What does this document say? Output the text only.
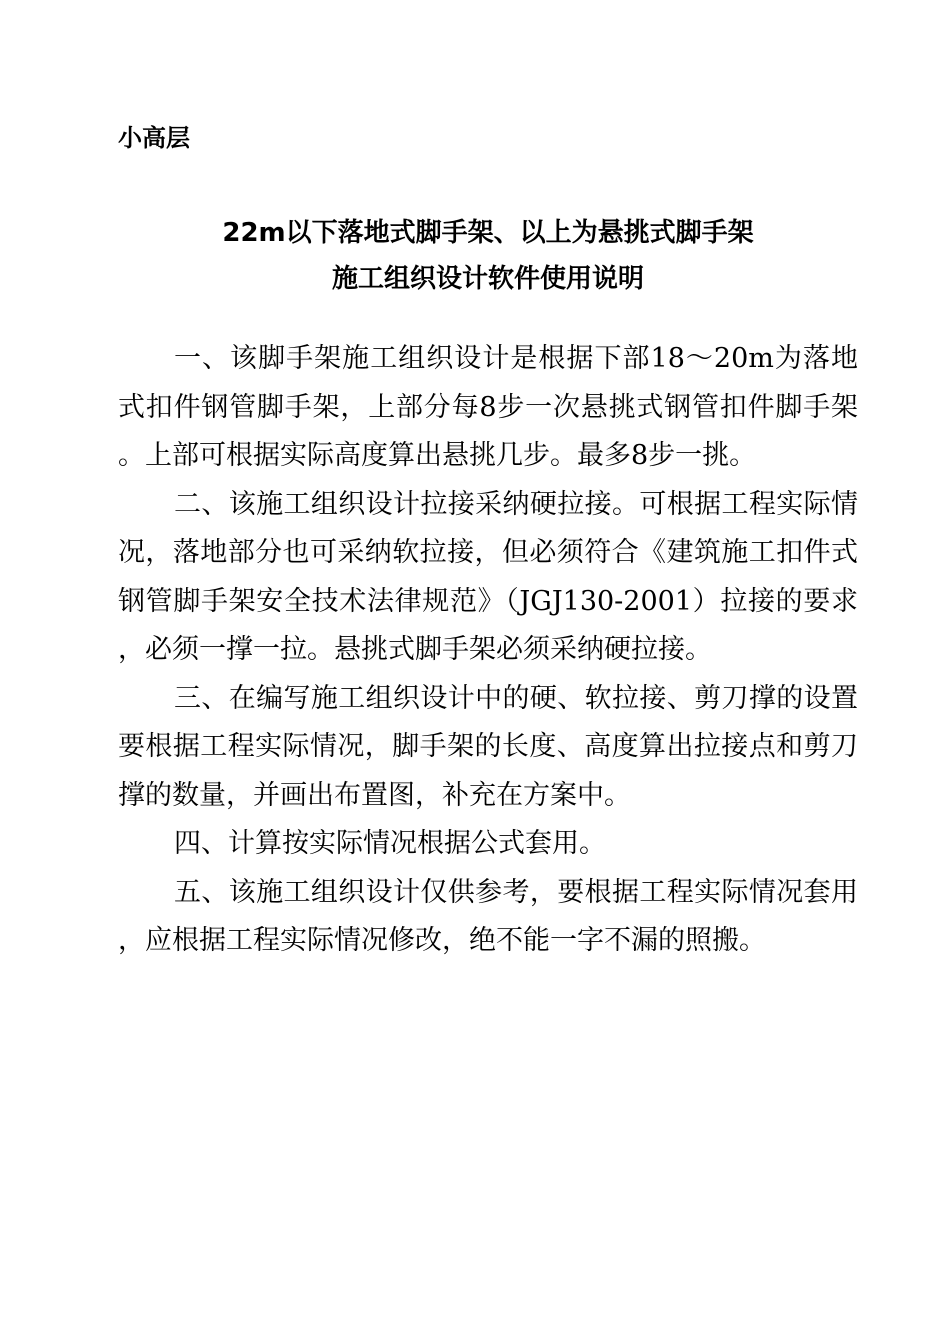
小高层
22m以下落地式脚手架、以上为悬挑式脚手架
施工组织设计软件使用说明

一、该脚手架施工组织设计是根据下部18～20m为落地式扣件钢管脚手架，上部分每8步一次悬挑式钢管扣件脚手架。上部可根据实际高度算出悬挑几步。最多8步一挑。

二、该施工组织设计拉接采纳硬拉接。可根据工程实际情况，落地部分也可采纳软拉接，但必须符合《建筑施工扣件式钢管脚手架安全技术法律规范》（JGJ130-2001）拉接的要求，必须一撑一拉。悬挑式脚手架必须采纳硬拉接。

三、在编写施工组织设计中的硬、软拉接、剪刀撑的设置要根据工程实际情况，脚手架的长度、高度算出拉接点和剪刀撑的数量，并画出布置图，补充在方案中。

四、计算按实际情况根据公式套用。

五、该施工组织设计仅供参考，要根据工程实际情况套用，应根据工程实际情况修改，绝不能一字不漏的照搬。
